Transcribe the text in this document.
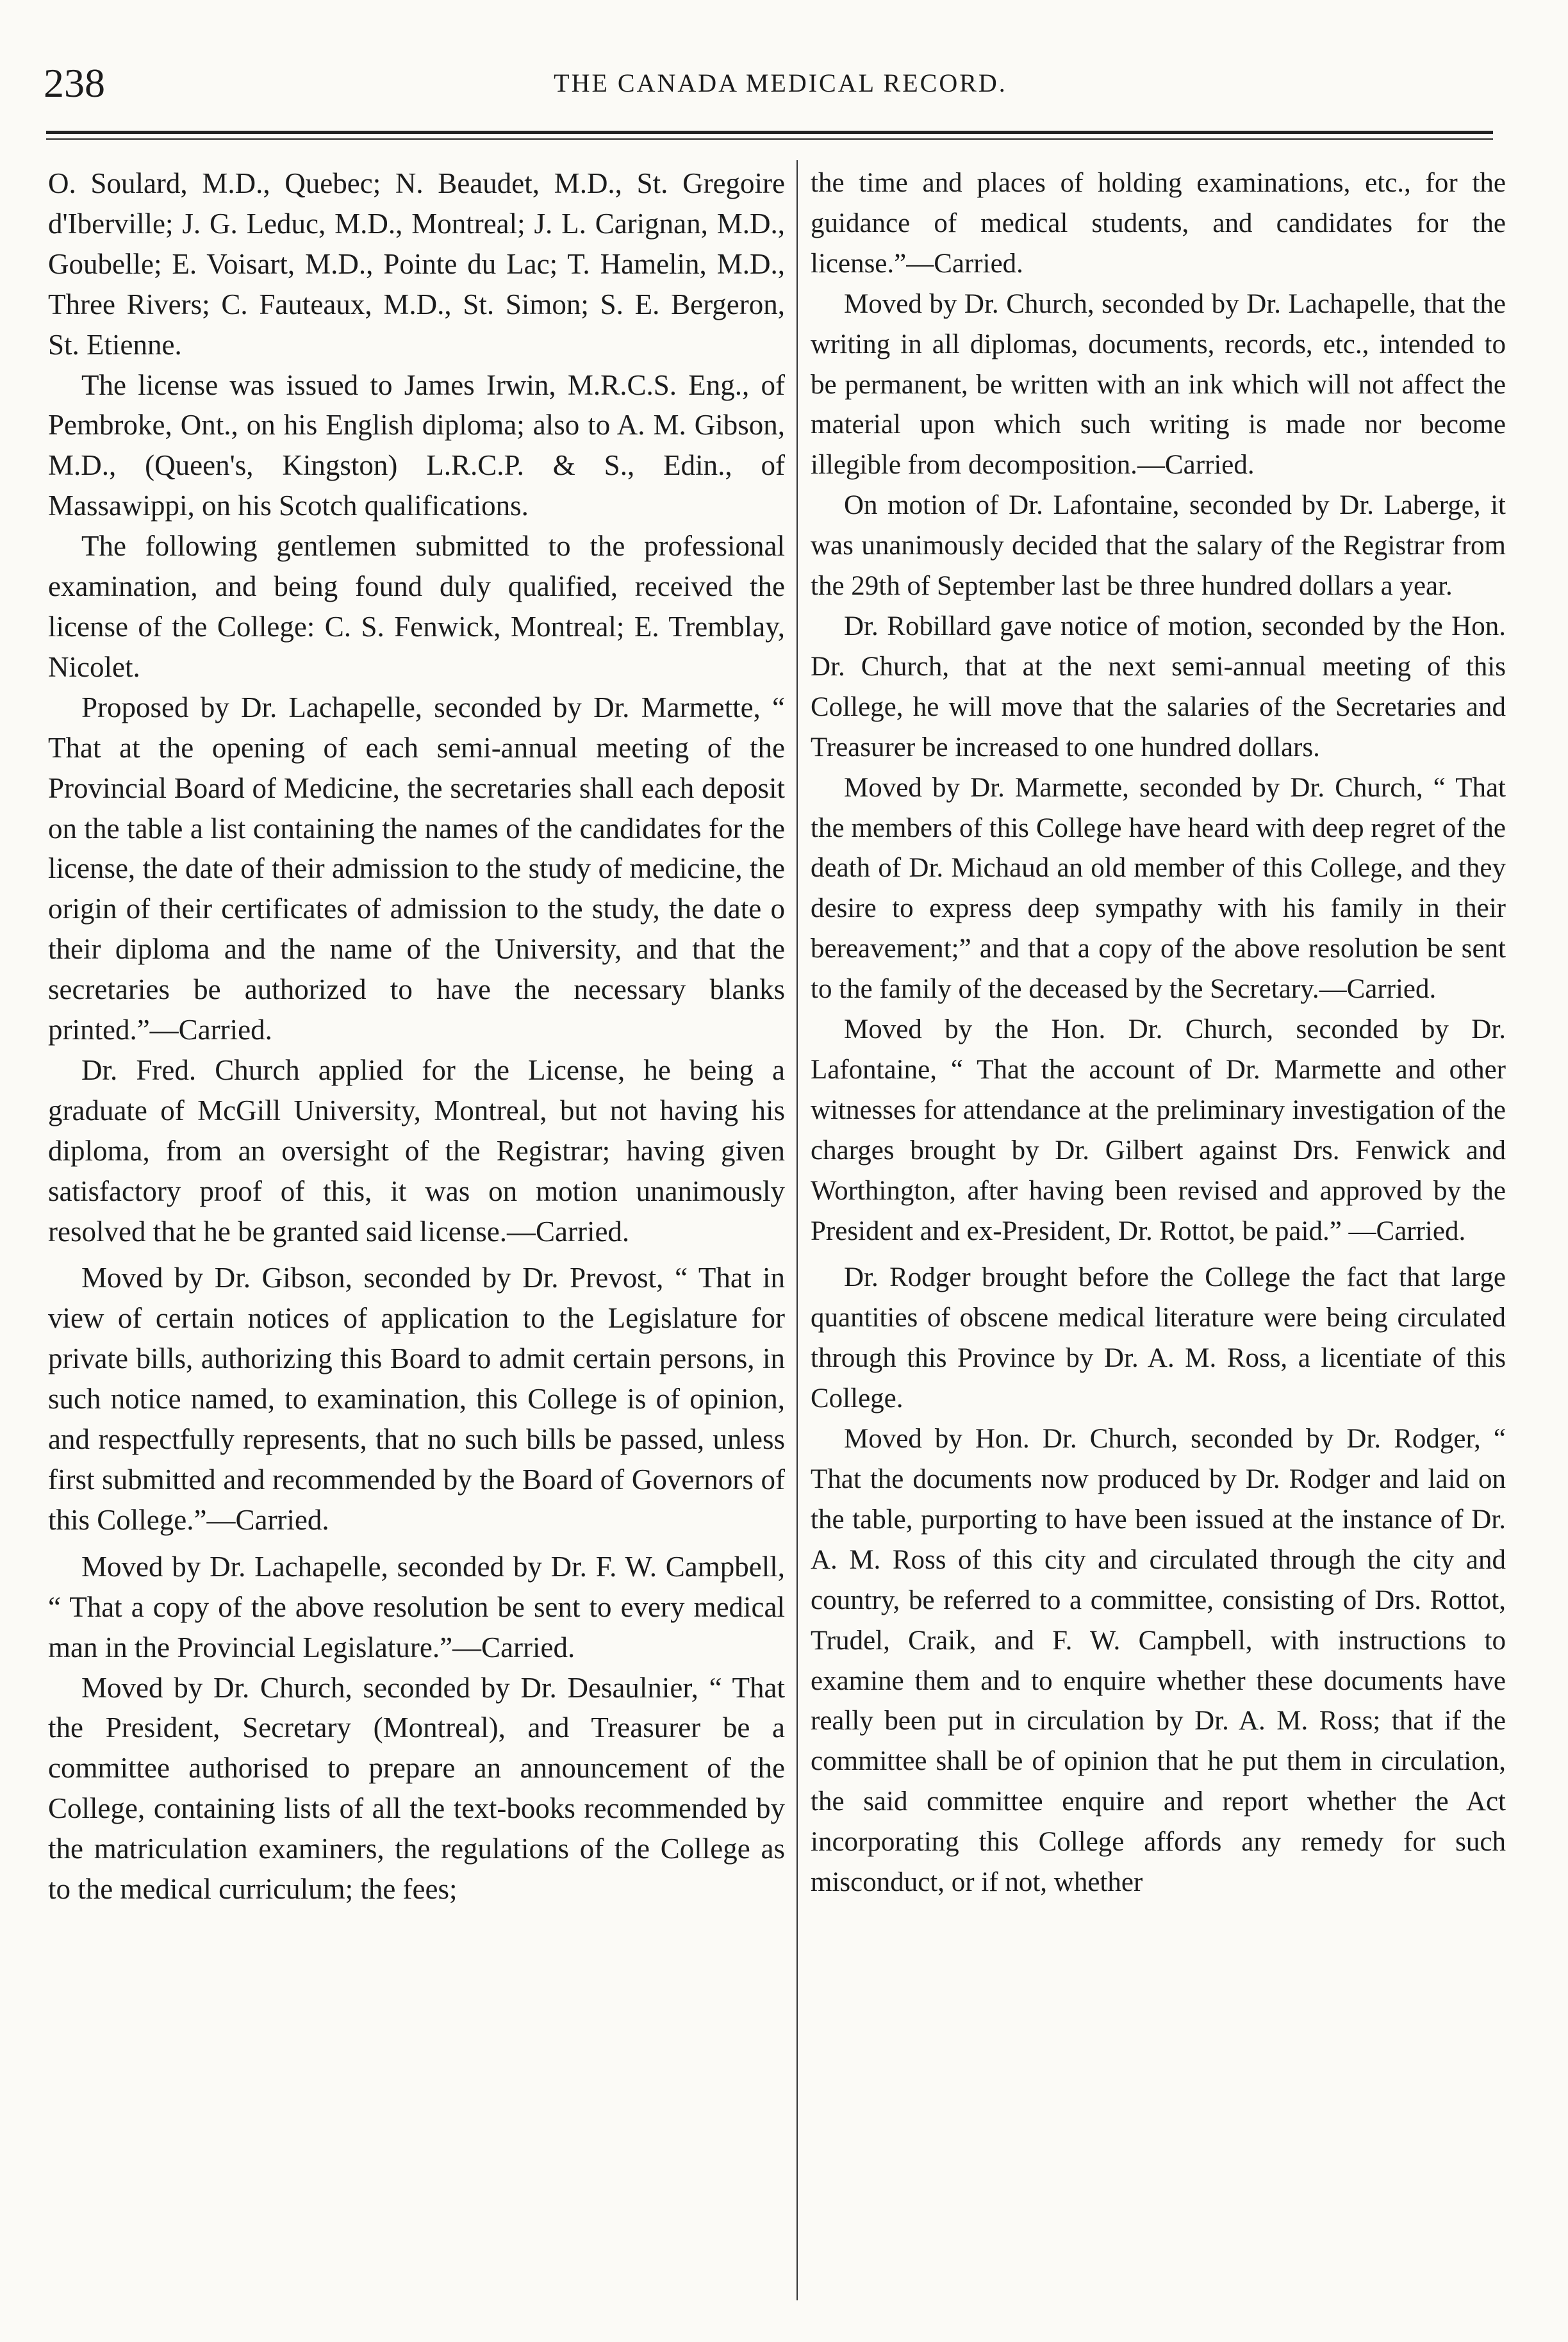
238	THE CANADA MEDICAL RECORD.

O. Soulard, M.D., Quebec; N. Beaudet, M.D., St. Gregoire d'Iberville; J. G. Leduc, M.D., Montreal; J. L. Carignan, M.D., Goubelle; E. Voisart, M.D., Pointe du Lac; T. Hamelin, M.D., Three Rivers; C. Fauteaux, M.D., St. Simon; S. E. Bergeron, St. Etienne.

The license was issued to James Irwin, M.R.C.S. Eng., of Pembroke, Ont., on his English diploma; also to A. M. Gibson, M.D., (Queen's, Kingston) L.R.C.P. & S., Edin., of Massawippi, on his Scotch qualifications.

The following gentlemen submitted to the professional examination, and being found duly qualified, received the license of the College: C. S. Fenwick, Montreal; E. Tremblay, Nicolet.

Proposed by Dr. Lachapelle, seconded by Dr. Marmette, “ That at the opening of each semi-annual meeting of the Provincial Board of Medicine, the secretaries shall each deposit on the table a list containing the names of the candidates for the license, the date of their admission to the study of medicine, the origin of their certificates of admission to the study, the date o their diploma and the name of the University, and that the secretaries be authorized to have the necessary blanks printed.”—Carried.

Dr. Fred. Church applied for the License, he being a graduate of McGill University, Montreal, but not having his diploma, from an oversight of the Registrar; having given satisfactory proof of this, it was on motion unanimously resolved that he be granted said license.—Carried.

Moved by Dr. Gibson, seconded by Dr. Prevost, “ That in view of certain notices of application to the Legislature for private bills, authorizing this Board to admit certain persons, in such notice named, to examination, this College is of opinion, and respectfully represents, that no such bills be passed, unless first submitted and recommended by the Board of Governors of this College.”—Carried.

Moved by Dr. Lachapelle, seconded by Dr. F. W. Campbell, “ That a copy of the above resolution be sent to every medical man in the Provincial Legislature.”—Carried.

Moved by Dr. Church, seconded by Dr. Desaulnier, “ That the President, Secretary (Montreal), and Treasurer be a committee authorised to prepare an announcement of the College, containing lists of all the text-books recommended by the matriculation examiners, the regulations of the College as to the medical curriculum; the fees;

the time and places of holding examinations, etc., for the guidance of medical students, and candidates for the license.”—Carried.

Moved by Dr. Church, seconded by Dr. Lachapelle, that the writing in all diplomas, documents, records, etc., intended to be permanent, be written with an ink which will not affect the material upon which such writing is made nor become illegible from decomposition.—Carried.

On motion of Dr. Lafontaine, seconded by Dr. Laberge, it was unanimously decided that the salary of the Registrar from the 29th of September last be three hundred dollars a year.

Dr. Robillard gave notice of motion, seconded by the Hon. Dr. Church, that at the next semi-annual meeting of this College, he will move that the salaries of the Secretaries and Treasurer be increased to one hundred dollars.

Moved by Dr. Marmette, seconded by Dr. Church, “ That the members of this College have heard with deep regret of the death of Dr. Michaud an old member of this College, and they desire to express deep sympathy with his family in their bereavement;” and that a copy of the above resolution be sent to the family of the deceased by the Secretary.—Carried.

Moved by the Hon. Dr. Church, seconded by Dr. Lafontaine, “ That the account of Dr. Marmette and other witnesses for attendance at the preliminary investigation of the charges brought by Dr. Gilbert against Drs. Fenwick and Worthington, after having been revised and approved by the President and ex-President, Dr. Rottot, be paid.” —Carried.

Dr. Rodger brought before the College the fact that large quantities of obscene medical literature were being circulated through this Province by Dr. A. M. Ross, a licentiate of this College.

Moved by Hon. Dr. Church, seconded by Dr. Rodger, “ That the documents now produced by Dr. Rodger and laid on the table, purporting to have been issued at the instance of Dr. A. M. Ross of this city and circulated through the city and country, be referred to a committee, consisting of Drs. Rottot, Trudel, Craik, and F. W. Campbell, with instructions to examine them and to enquire whether these documents have really been put in circulation by Dr. A. M. Ross; that if the committee shall be of opinion that he put them in circulation, the said committee enquire and report whether the Act incorporating this College affords any remedy for such misconduct, or if not, whether
